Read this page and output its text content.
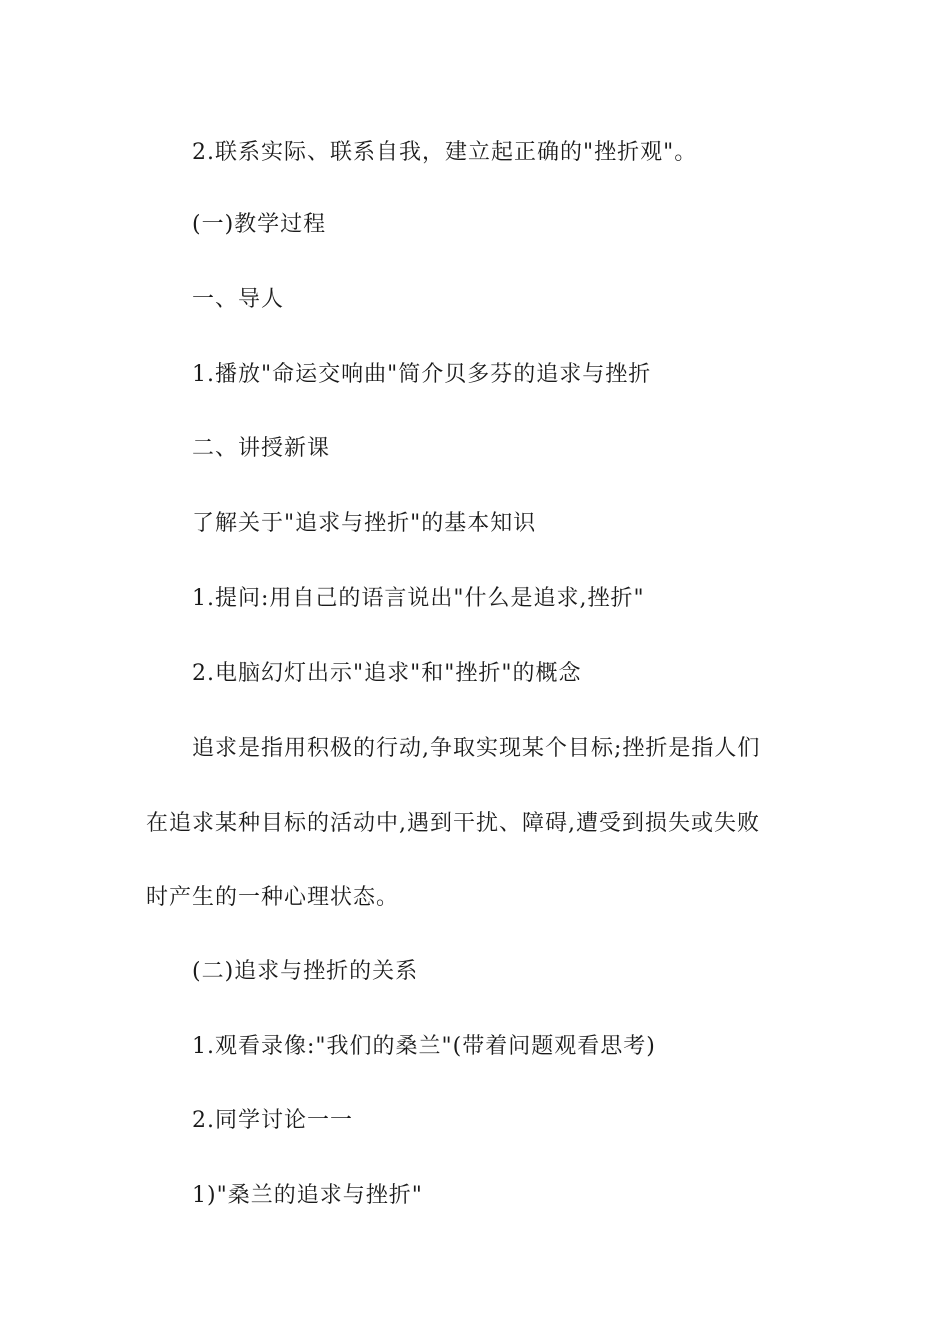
2.联系实际、联系自我，建立起正确的"挫折观"。
(一)教学过程
一、导人
1.播放"命运交响曲"简介贝多芬的追求与挫折
二、讲授新课
了解关于"追求与挫折"的基本知识
1.提问:用自己的语言说出"什么是追求,挫折"
2.电脑幻灯出示"追求"和"挫折"的概念
追求是指用积极的行动,争取实现某个目标;挫折是指人们
在追求某种目标的活动中,遇到干扰、障碍,遭受到损失或失败
时产生的一种心理状态。
(二)追求与挫折的关系
1.观看录像:"我们的桑兰"(带着问题观看思考)
2.同学讨论一一
1)"桑兰的追求与挫折"
